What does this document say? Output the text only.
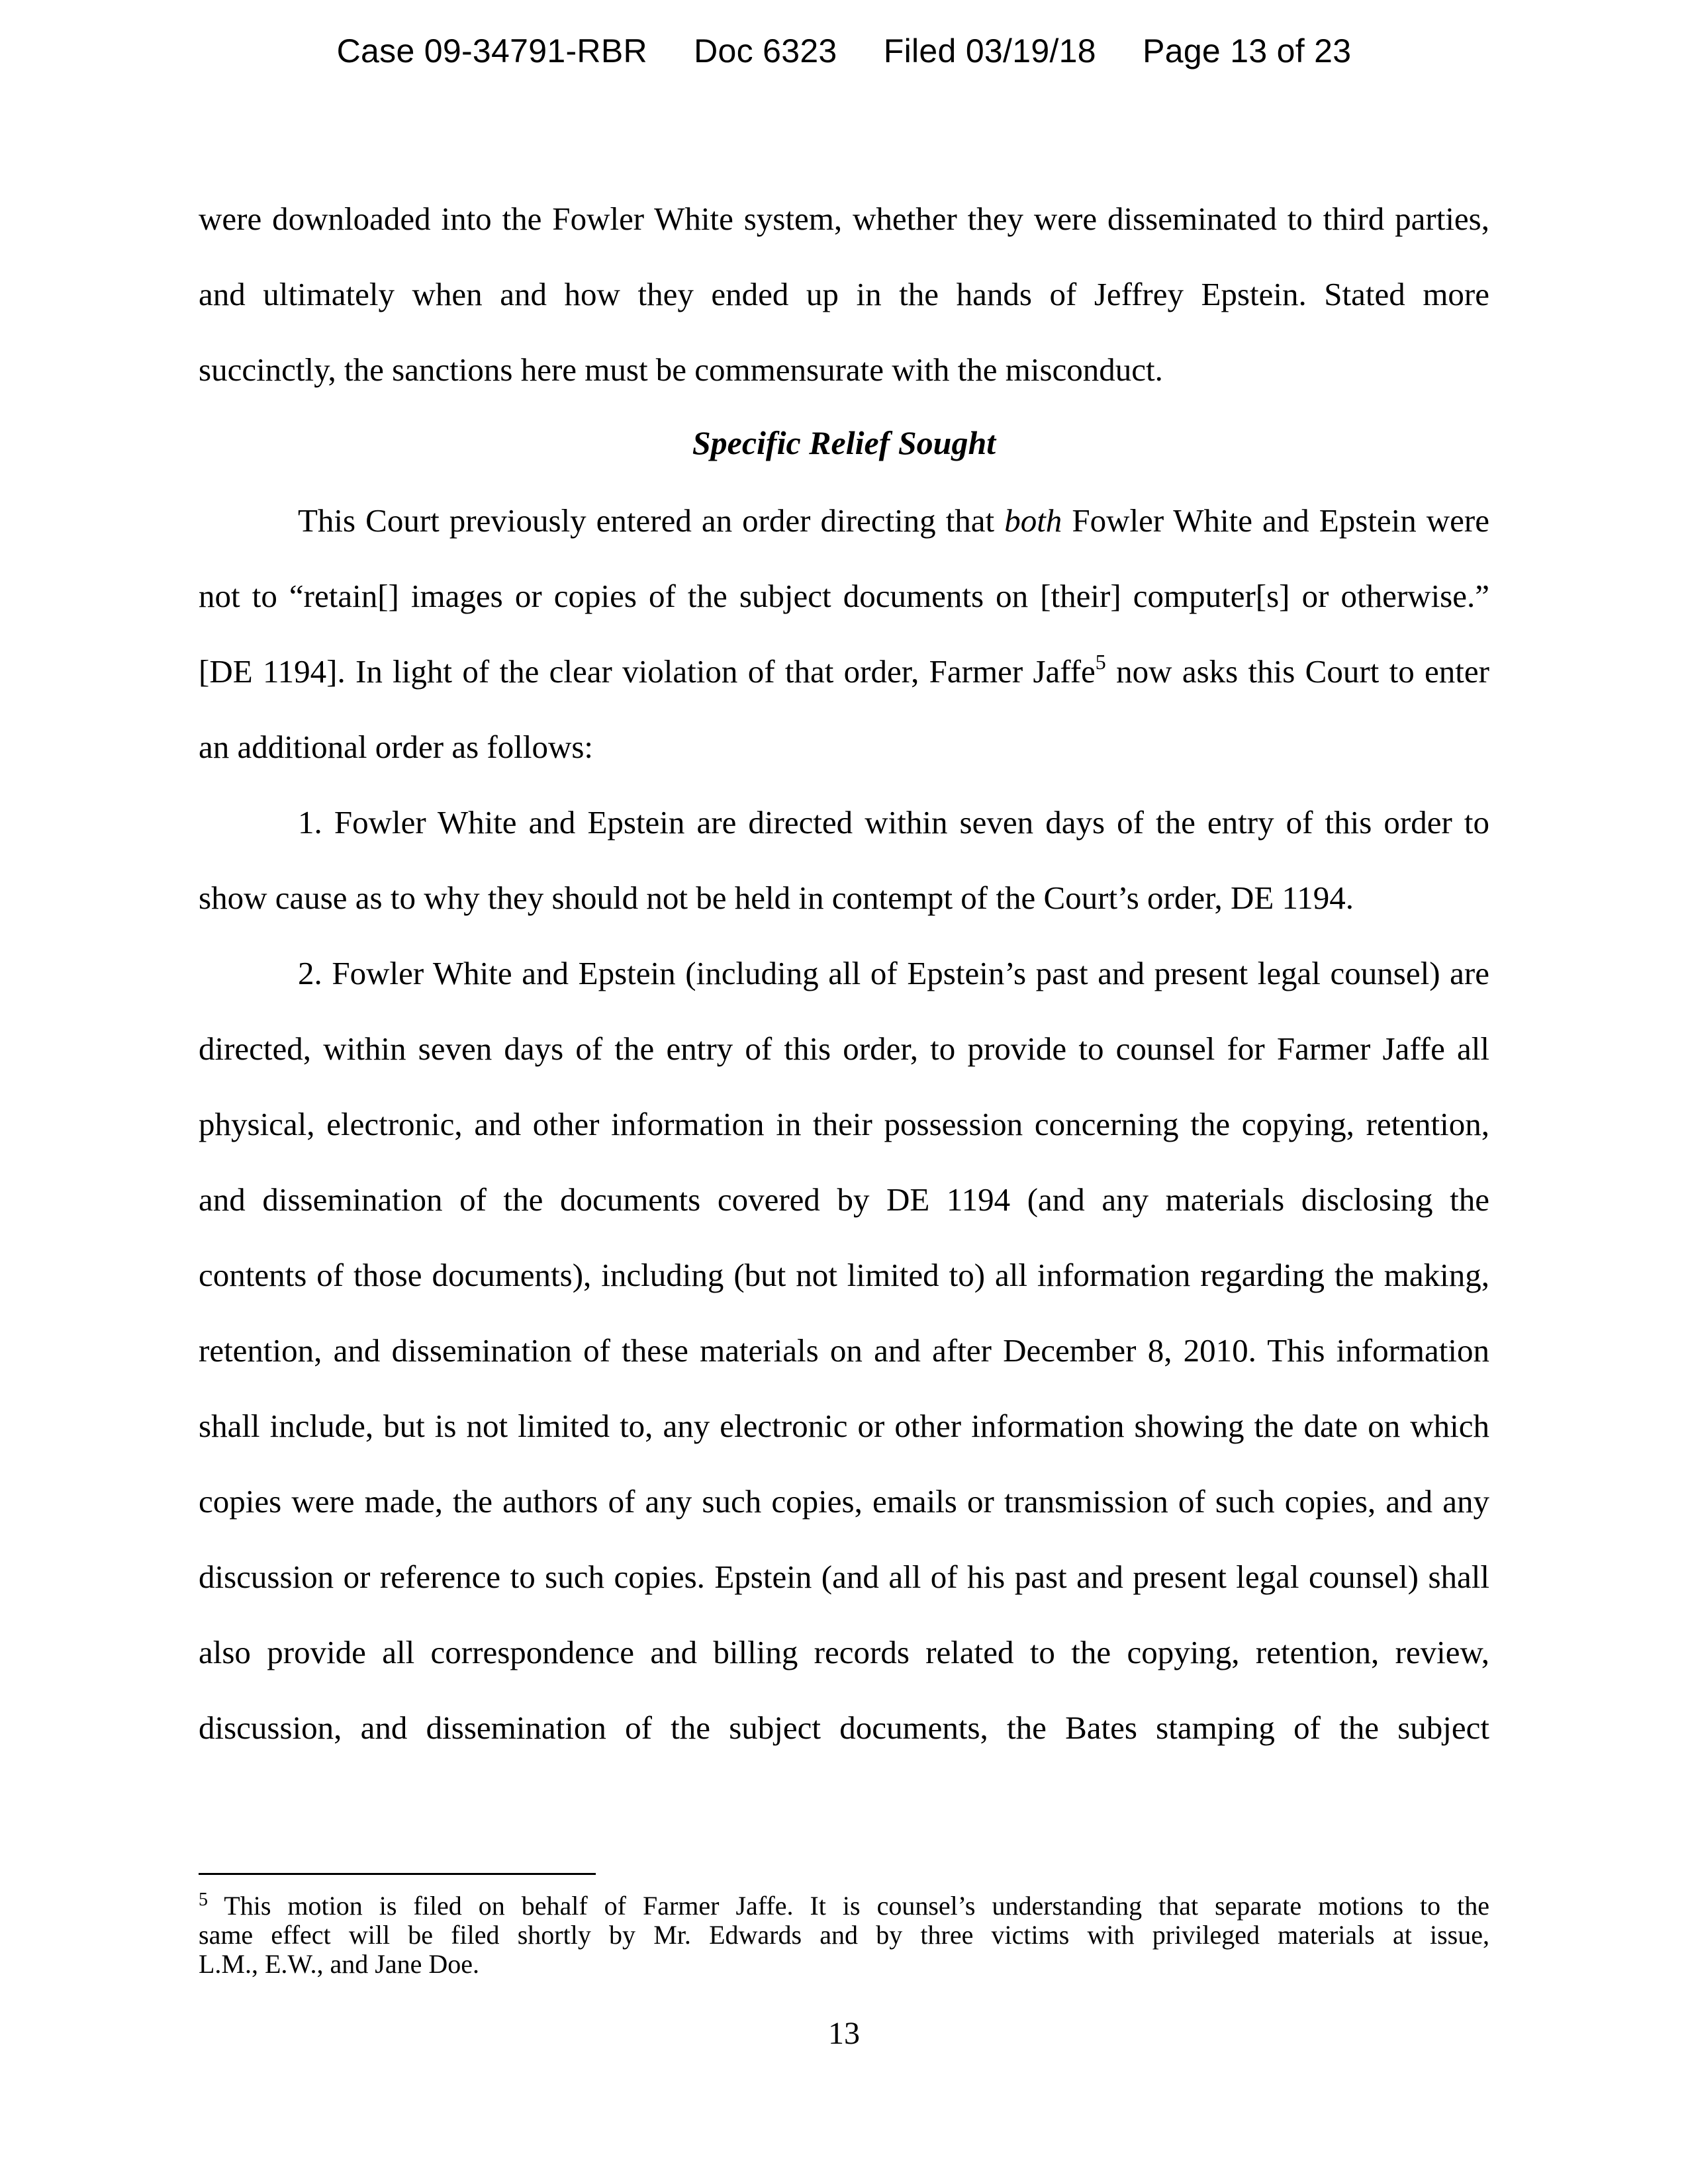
Case 09-34791-RBR Doc 6323 Filed 03/19/18 Page 13 of 23
were downloaded into the Fowler White system, whether they were disseminated to third parties,
and ultimately when and how they ended up in the hands of Jeffrey Epstein. Stated more
succinctly, the sanctions here must be commensurate with the misconduct.
Specific Relief Sought
This Court previously entered an order directing that both Fowler White and Epstein were
not to “retain[] images or copies of the subject documents on [their] computer[s] or otherwise.”
[DE 1194]. In light of the clear violation of that order, Farmer Jaffe$^5$ now asks this Court to enter
an additional order as follows:
1. Fowler White and Epstein are directed within seven days of the entry of this order to
show cause as to why they should not be held in contempt of the Court’s order, DE 1194.
2. Fowler White and Epstein (including all of Epstein’s past and present legal counsel) are
directed, within seven days of the entry of this order, to provide to counsel for Farmer Jaffe all
physical, electronic, and other information in their possession concerning the copying, retention,
and dissemination of the documents covered by DE 1194 (and any materials disclosing the
contents of those documents), including (but not limited to) all information regarding the making,
retention, and dissemination of these materials on and after December 8, 2010. This information
shall include, but is not limited to, any electronic or other information showing the date on which
copies were made, the authors of any such copies, emails or transmission of such copies, and any
discussion or reference to such copies. Epstein (and all of his past and present legal counsel) shall
also provide all correspondence and billing records related to the copying, retention, review,
discussion, and dissemination of the subject documents, the Bates stamping of the subject
$^5$ This motion is filed on behalf of Farmer Jaffe. It is counsel’s understanding that separate motions to the
same effect will be filed shortly by Mr. Edwards and by three victims with privileged materials at issue,
L.M., E.W., and Jane Doe.
13
